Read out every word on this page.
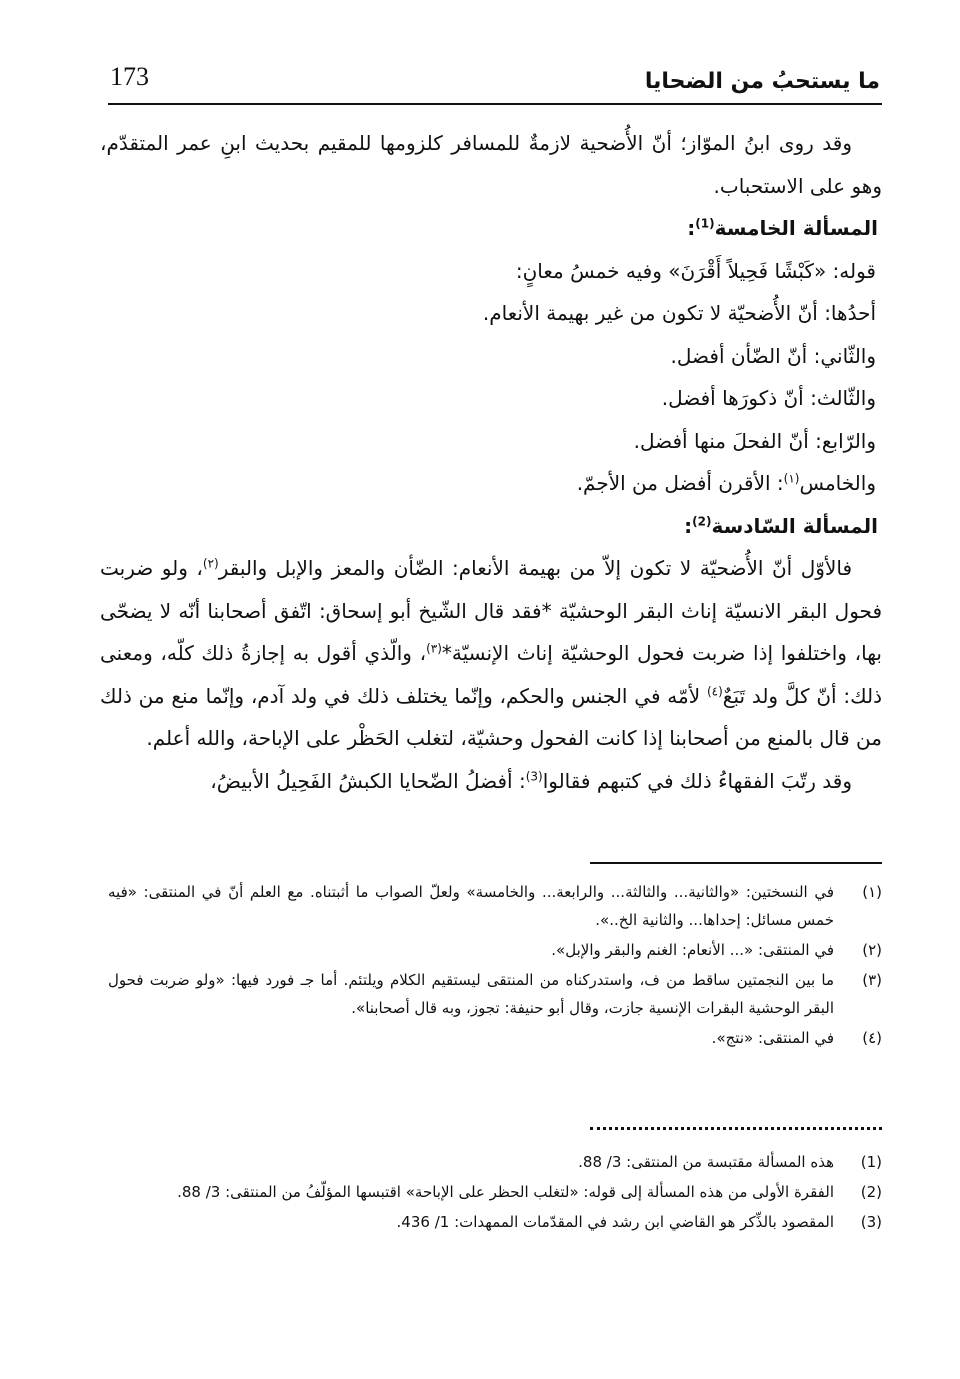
173	ما يستحبُ من الضحايا

وقد روى ابنُ الموّاز؛ أنّ الأُضحية لازمةٌ للمسافر كلزومها للمقيم بحديث ابنِ عمر المتقدّم، وهو على الاستحباب.

المسألة الخامسة$^{(1)}$:

قوله: «كَبْشًا فَحِيلاً أَقْرَنَ» وفيه خمسُ معانٍ:

أحدُها: أنّ الأُضحيّة لا تكون من غير بهيمة الأنعام.

والثّاني: أنّ الضّأن أفضل.

والثّالث: أنّ ذكورَها أفضل.

والرّابع: أنّ الفحلَ منها أفضل.

والخامس$^{(١)}$: الأقرن أفضل من الأجمّ.

المسألة السّادسة$^{(2)}$:

فالأوّل أنّ الأُضحيّة لا تكون إلاّ من بهيمة الأنعام: الضّأن والمعز والإبل والبقر$^{(٢)}$، ولو ضربت فحول البقر الانسيّة إناث البقر الوحشيّة *فقد قال الشّيخ أبو إسحاق: اتّفق أصحابنا أنّه لا يضحّى بها، واختلفوا إذا ضربت فحول الوحشيّة إناث الإنسيّة*$^{(٣)}$، والّذي أقول به إجازةُ ذلك كلّه، ومعنى ذلك: أنّ كلَّ ولد تَبَعٌ$^{(٤)}$ لأمّه في الجنس والحكم، وإنّما يختلف ذلك في ولد آدم، وإنّما منع من ذلك من قال بالمنع من أصحابنا إذا كانت الفحول وحشيّة، لتغلب الحَظْر على الإباحة، والله أعلم.

وقد رتّبَ الفقهاءُ ذلك في كتبهم فقالوا$^{(3)}$: أفضلُ الضّحايا الكبشُ الفَحِيلُ الأبيضُ،

(١)
في النسختين: «والثانية... والثالثة... والرابعة... والخامسة» ولعلّ الصواب ما أثبتناه. مع العلم أنّ في المنتقى: «فيه خمس مسائل: إحداها... والثانية الخ..».
(٢)
في المنتقى: «... الأنعام: الغنم والبقر والإبل».
(٣)
ما بين النجمتين ساقط من ف، واستدركناه من المنتقى ليستقيم الكلام ويلتئم. أما جـ فورد فيها: «ولو ضربت فحول البقر الوحشية البقرات الإنسية جازت، وقال أبو حنيفة: تجوز، وبه قال أصحابنا».
(٤)
في المنتقى: «نتج».
(1)
هذه المسألة مقتبسة من المنتقى: 3/ 88.
(2)
الفقرة الأولى من هذه المسألة إلى قوله: «لتغلب الحظر على الإباحة» اقتبسها المؤلّفُ من المنتقى: 3/ 88.
(3)
المقصود بالذِّكر هو القاضي ابن رشد في المقدّمات الممهدات: 1/ 436.
